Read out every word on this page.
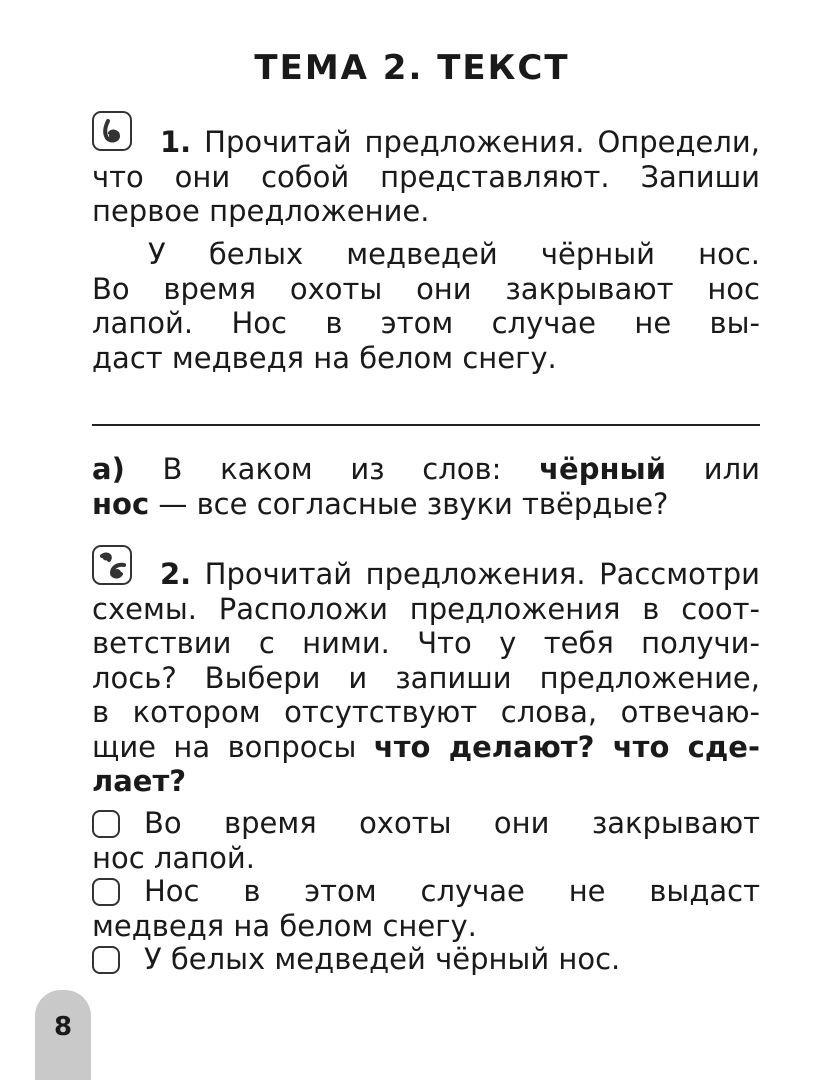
ТЕМА 2. ТЕКСТ
1. Прочитай предложения. Определи,
что они собой представляют. Запиши
первое предложение.
У белых медведей чёрный нос.
Во время охоты они закрывают нос
лапой. Нос в этом случае не вы-
даст медведя на белом снегу.
а) В каком из слов: чёрный или
нос — все согласные звуки твёрдые?
2. Прочитай предложения. Рассмотри
схемы. Расположи предложения в соот-
ветствии с ними. Что у тебя получи-
лось? Выбери и запиши предложение,
в котором отсутствуют слова, отвечаю-
щие на вопросы что делают? что сде-
лает?
Во время охоты они закрывают
нос лапой.
Нос в этом случае не выдаст
медведя на белом снегу.
У белых медведей чёрный нос.
8
